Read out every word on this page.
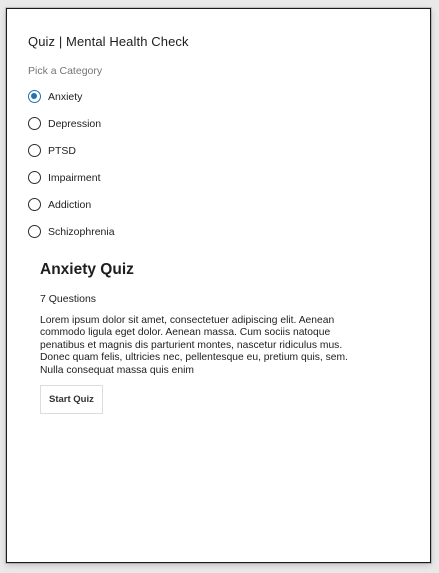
Quiz | Mental Health Check
Pick a Category
Anxiety
Depression
PTSD
Impairment
Addiction
Schizophrenia
Anxiety Quiz
7 Questions
Lorem ipsum dolor sit amet, consectetuer adipiscing elit. Aenean commodo ligula eget dolor. Aenean massa. Cum sociis natoque penatibus et magnis dis parturient montes, nascetur ridiculus mus. Donec quam felis, ultricies nec, pellentesque eu, pretium quis, sem. Nulla consequat massa quis enim
Start Quiz
